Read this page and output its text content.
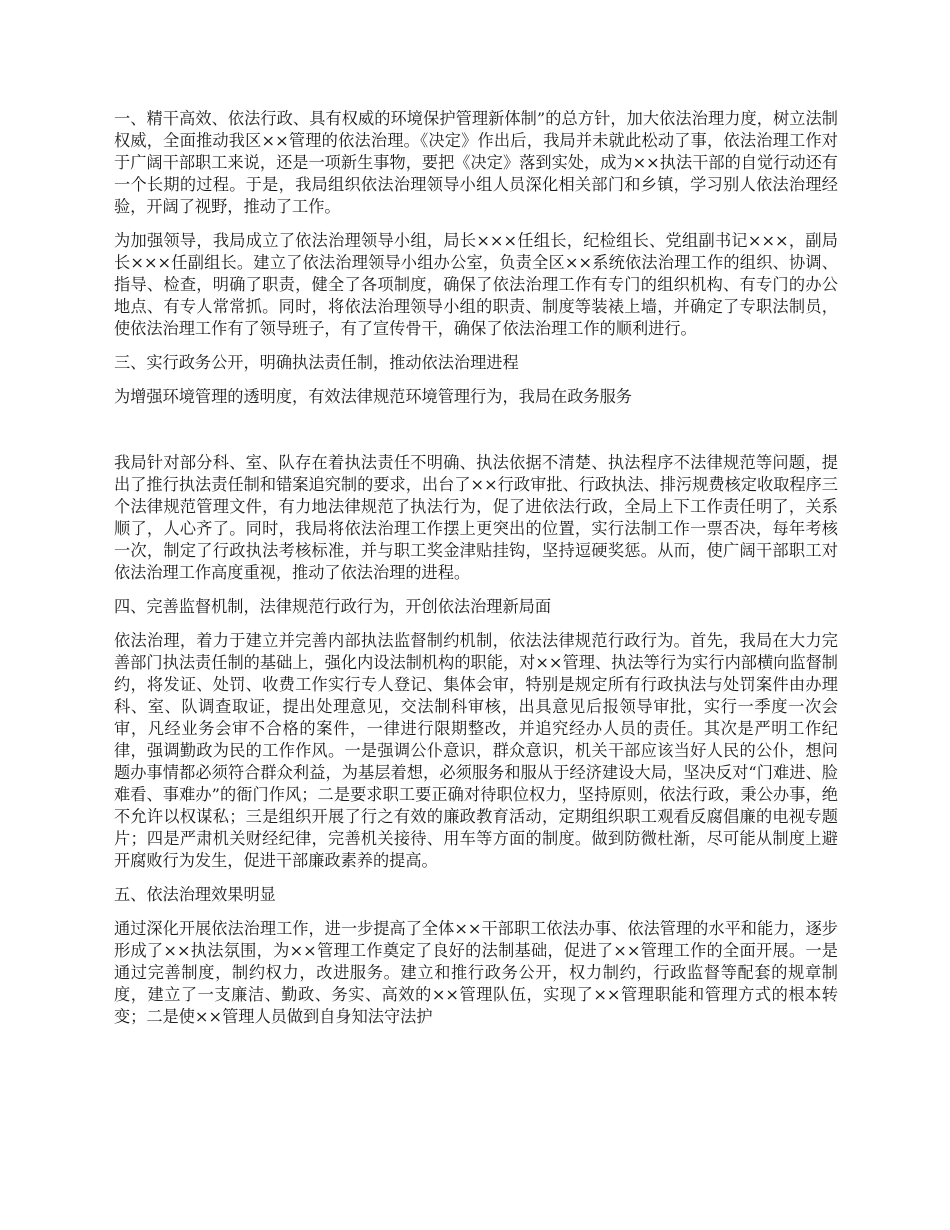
一、精干高效、依法行政、具有权威的环境保护管理新体制”的总方针，加大依法治理力度，树立法制权威，全面推动我区××管理的依法治理。《决定》作出后，我局并未就此松动了事，依法治理工作对于广阔干部职工来说，还是一项新生事物，要把《决定》落到实处，成为××执法干部的自觉行动还有一个长期的过程。于是，我局组织依法治理领导小组人员深化相关部门和乡镇，学习别人依法治理经验，开阔了视野，推动了工作。

为加强领导，我局成立了依法治理领导小组，局长×××任组长，纪检组长、党组副书记×××，副局长×××任副组长。建立了依法治理领导小组办公室，负责全区××系统依法治理工作的组织、协调、指导、检查，明确了职责，健全了各项制度，确保了依法治理工作有专门的组织机构、有专门的办公地点、有专人常常抓。同时，将依法治理领导小组的职责、制度等装裱上墙，并确定了专职法制员，使依法治理工作有了领导班子，有了宣传骨干，确保了依法治理工作的顺利进行。

三、实行政务公开，明确执法责任制，推动依法治理进程

为增强环境管理的透明度，有效法律规范环境管理行为，我局在政务服务

我局针对部分科、室、队存在着执法责任不明确、执法依据不清楚、执法程序不法律规范等问题，提出了推行执法责任制和错案追究制的要求，出台了××行政审批、行政执法、排污规费核定收取程序三个法律规范管理文件，有力地法律规范了执法行为，促了进依法行政，全局上下工作责任明了，关系顺了，人心齐了。同时，我局将依法治理工作摆上更突出的位置，实行法制工作一票否决，每年考核一次，制定了行政执法考核标准，并与职工奖金津贴挂钩，坚持逗硬奖惩。从而，使广阔干部职工对依法治理工作高度重视，推动了依法治理的进程。

四、完善监督机制，法律规范行政行为，开创依法治理新局面

依法治理，着力于建立并完善内部执法监督制约机制，依法法律规范行政行为。首先，我局在大力完善部门执法责任制的基础上，强化内设法制机构的职能，对××管理、执法等行为实行内部横向监督制约，将发证、处罚、收费工作实行专人登记、集体会审，特别是规定所有行政执法与处罚案件由办理科、室、队调查取证，提出处理意见，交法制科审核，出具意见后报领导审批，实行一季度一次会审，凡经业务会审不合格的案件，一律进行限期整改，并追究经办人员的责任。其次是严明工作纪律，强调勤政为民的工作作风。一是强调公仆意识，群众意识，机关干部应该当好人民的公仆，想问题办事情都必须符合群众利益，为基层着想，必须服务和服从于经济建设大局，坚决反对“门难进、脸难看、事难办”的衙门作风；二是要求职工要正确对待职位权力，坚持原则，依法行政，秉公办事，绝不允许以权谋私；三是组织开展了行之有效的廉政教育活动，定期组织职工观看反腐倡廉的电视专题片；四是严肃机关财经纪律，完善机关接待、用车等方面的制度。做到防微杜渐，尽可能从制度上避开腐败行为发生，促进干部廉政素养的提高。

五、依法治理效果明显

通过深化开展依法治理工作，进一步提高了全体××干部职工依法办事、依法管理的水平和能力，逐步形成了××执法氛围，为××管理工作奠定了良好的法制基础，促进了××管理工作的全面开展。一是通过完善制度，制约权力，改进服务。建立和推行政务公开，权力制约，行政监督等配套的规章制度，建立了一支廉洁、勤政、务实、高效的××管理队伍，实现了××管理职能和管理方式的根本转变；二是使××管理人员做到自身知法守法护
